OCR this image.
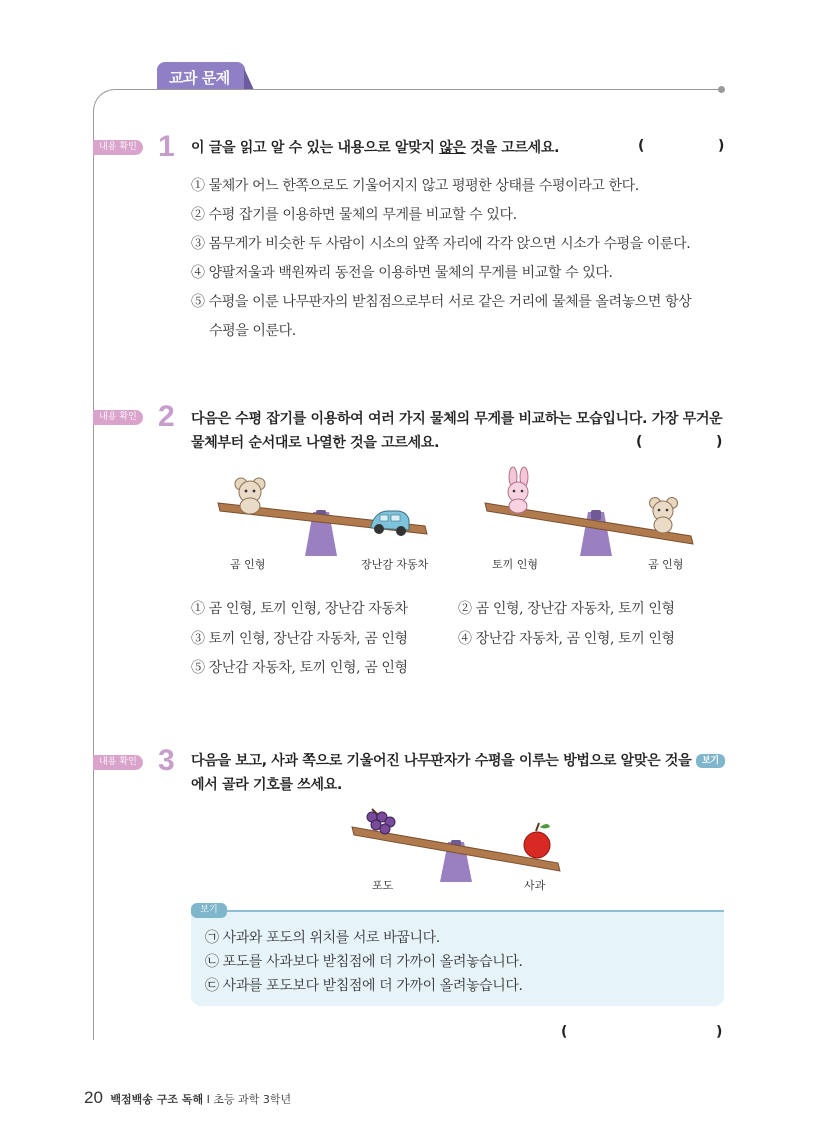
교과 문제
내용 확인 1 이 글을 읽고 알 수 있는 내용으로 알맞지 않은 것을 고르세요.	(	)
① 물체가 어느 한쪽으로도 기울어지지 않고 평평한 상태를 수평이라고 한다.
② 수평 잡기를 이용하면 물체의 무게를 비교할 수 있다.
③ 몸무게가 비슷한 두 사람이 시소의 앞쪽 자리에 각각 앉으면 시소가 수평을 이룬다.
④ 양팔저울과 백원짜리 동전을 이용하면 물체의 무게를 비교할 수 있다.
⑤ 수평을 이룬 나무판자의 받침점으로부터 서로 같은 거리에 물체를 올려놓으면 항상
수평을 이룬다.
내용 확인 2 다음은 수평 잡기를 이용하여 여러 가지 물체의 무게를 비교하는 모습입니다. 가장 무거운
물체부터 순서대로 나열한 것을 고르세요.	(	)
곰 인형	장난감 자동차	토끼 인형	곰 인형
① 곰 인형, 토끼 인형, 장난감 자동차	② 곰 인형, 장난감 자동차, 토끼 인형
③ 토끼 인형, 장난감 자동차, 곰 인형	④ 장난감 자동차, 곰 인형, 토끼 인형
⑤ 장난감 자동차, 토끼 인형, 곰 인형
내용 확인 3 다음을 보고, 사과 쪽으로 기울어진 나무판자가 수평을 이루는 방법으로 알맞은 것을 보기
에서 골라 기호를 쓰세요.
포도	사과
보기
㉠ 사과와 포도의 위치를 서로 바꿉니다.
㉡ 포도를 사과보다 받침점에 더 가까이 올려놓습니다.
㉢ 사과를 포도보다 받침점에 더 가까이 올려놓습니다.
(	)
20 백점백송 구조 독해 I 초등 과학 3학년
